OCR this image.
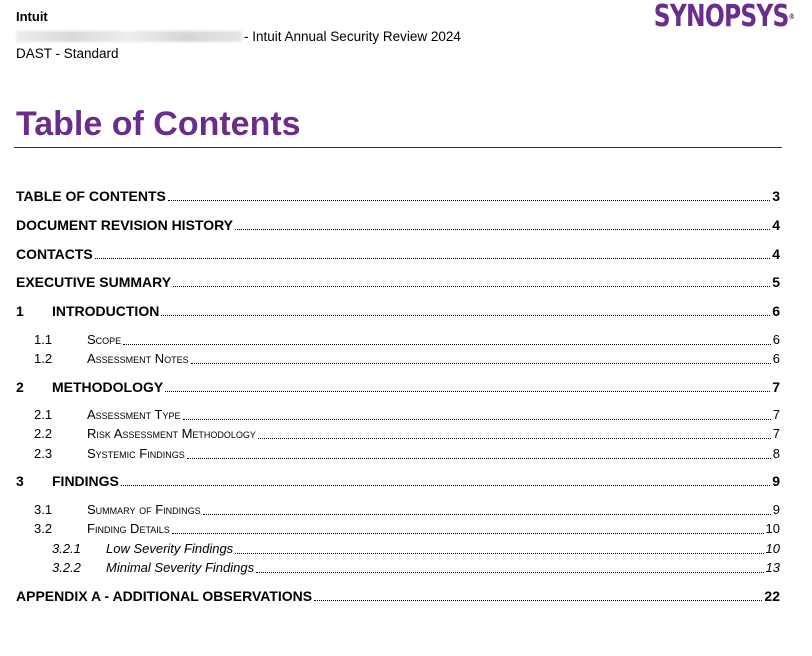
Intuit
- Intuit Annual Security Review 2024
DAST - Standard
SYNOPSYS®
Table of Contents
TABLE OF CONTENTS	3
DOCUMENT REVISION HISTORY	4
CONTACTS	4
EXECUTIVE SUMMARY	5
1	INTRODUCTION	6
1.1	Scope	6
1.2	Assessment Notes	6
2	METHODOLOGY	7
2.1	Assessment Type	7
2.2	Risk Assessment Methodology	7
2.3	Systemic Findings	8
3	FINDINGS	9
3.1	Summary of Findings	9
3.2	Finding Details	10
3.2.1	Low Severity Findings	10
3.2.2	Minimal Severity Findings	13
APPENDIX A - ADDITIONAL OBSERVATIONS	22
